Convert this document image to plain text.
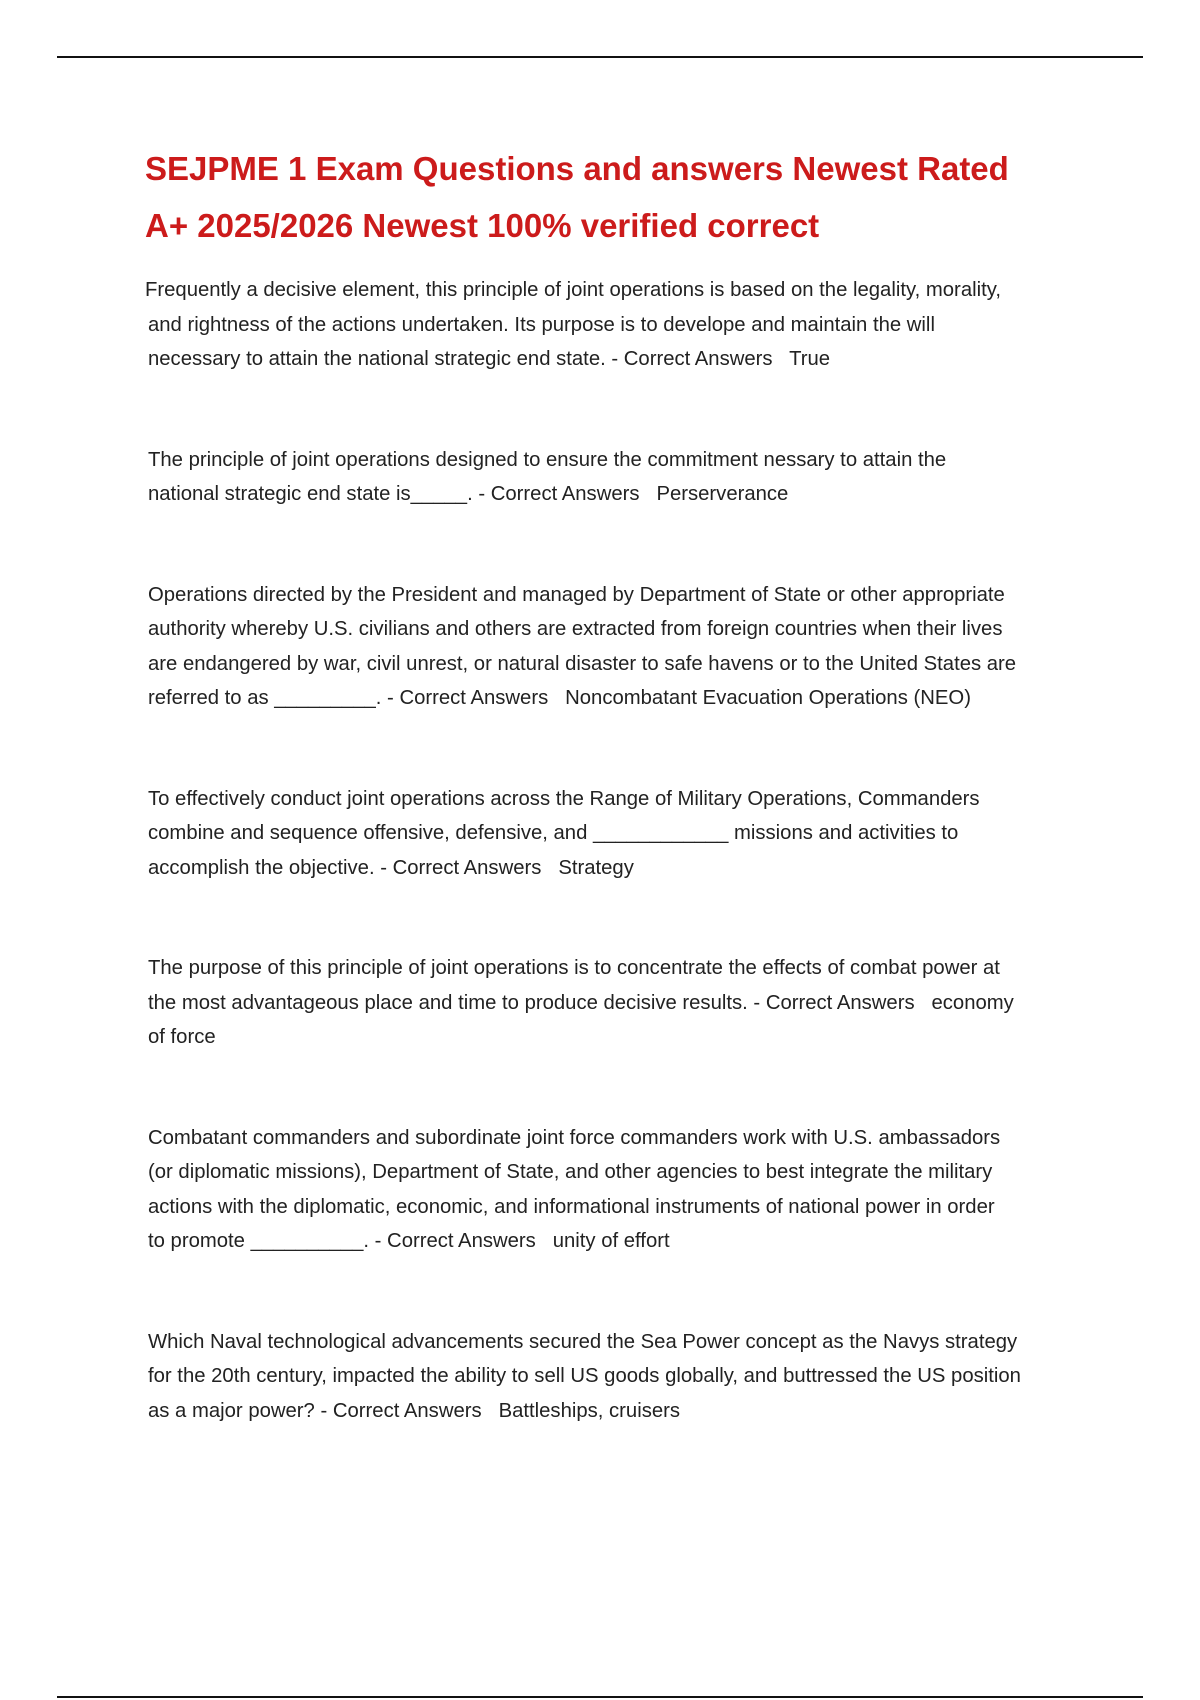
SEJPME 1 Exam Questions and answers Newest Rated
A+ 2025/2026 Newest 100% verified correct

Frequently a decisive element, this principle of joint operations is based on the legality, morality,
and rightness of the actions undertaken. Its purpose is to develope and maintain the will
necessary to attain the national strategic end state. - Correct Answers True

The principle of joint operations designed to ensure the commitment nessary to attain the
national strategic end state is_____. - Correct Answers Perserverance

Operations directed by the President and managed by Department of State or other appropriate
authority whereby U.S. civilians and others are extracted from foreign countries when their lives
are endangered by war, civil unrest, or natural disaster to safe havens or to the United States are
referred to as _________. - Correct Answers Noncombatant Evacuation Operations (NEO)

To effectively conduct joint operations across the Range of Military Operations, Commanders
combine and sequence offensive, defensive, and ____________ missions and activities to
accomplish the objective. - Correct Answers Strategy

The purpose of this principle of joint operations is to concentrate the effects of combat power at
the most advantageous place and time to produce decisive results. - Correct Answers economy
of force

Combatant commanders and subordinate joint force commanders work with U.S. ambassadors
(or diplomatic missions), Department of State, and other agencies to best integrate the military
actions with the diplomatic, economic, and informational instruments of national power in order
to promote __________. - Correct Answers unity of effort

Which Naval technological advancements secured the Sea Power concept as the Navys strategy
for the 20th century, impacted the ability to sell US goods globally, and buttressed the US position
as a major power? - Correct Answers Battleships, cruisers
